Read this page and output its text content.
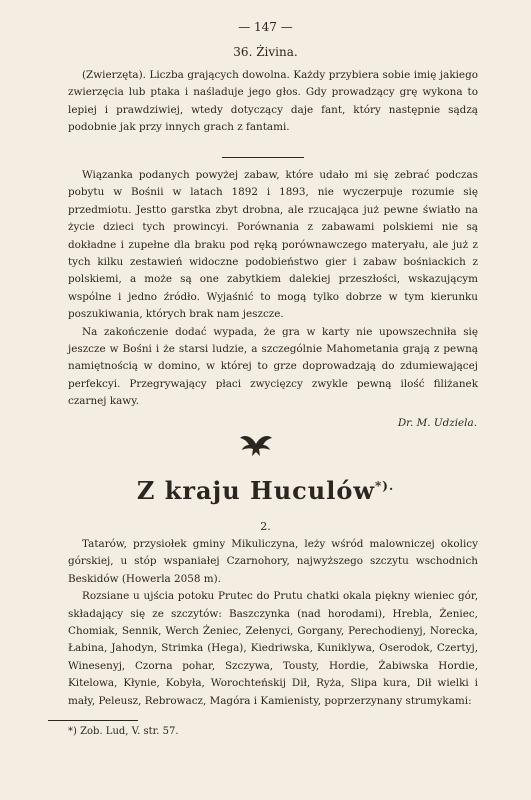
— 147 —
36. Żivina.

(Zwierzęta). Liczba grających dowolna. Każdy przybiera sobie imię jakiego zwierzęcia lub ptaka i naśladuje jego głos. Gdy prowadzący grę wykona to lepiej i prawdziwiej, wtedy dotyczący daje fant, który następnie sądzą podobnie jak przy innych grach z fantami.

Wiązanka podanych powyżej zabaw, które udało mi się zebrać podczas pobytu w Bośnii w latach 1892 i 1893, nie wyczerpuje rozumie się przedmiotu. Jestto garstka zbyt drobna, ale rzucająca już pewne światło na życie dzieci tych prowincyi. Porównania z zabawami polskiemi nie są dokładne i zupełne dla braku pod ręką porównawczego materyału, ale już z tych kilku zestawień widoczne podobieństwo gier i zabaw bośniackich z polskiemi, a może są one zabytkiem dalekiej przeszłości, wskazującym wspólne i jedno źródło. Wyjaśnić to mogą tylko dobrze w tym kierunku poszukiwania, których brak nam jeszcze.

Na zakończenie dodać wypada, że gra w karty nie upowszechniła się jeszcze w Bośni i że starsi ludzie, a szczególnie Mahometania grają z pewną namiętnością w domino, w której to grze doprowadzają do zdumiewającej perfekcyi. Przegrywający płaci zwycięzcy zwykle pewną ilość filiżanek czarnej kawy.

Dr. M. Udziela.
Z kraju Huculów*).
2.

Tatarów, przysiołek gminy Mikuliczyna, leży wśród malowniczej okolicy górskiej, u stóp wspaniałej Czarnohory, najwyższego szczytu wschodnich Beskidów (Howerla 2058 m).

Rozsiane u ujścia potoku Prutec do Prutu chatki okala piękny wieniec gór, składający się ze szczytów: Baszczynka (nad horodami), Hrebla, Żeniec, Chomiak, Sennik, Werch Żeniec, Zełenyci, Gorgany, Perechodienyj, Norecka, Łabina, Jahodyn, Strimka (Hega), Kiedriwska, Kuniklywa, Oserodok, Czertyj, Winesenyj, Czorna pohar, Szczywa, Tousty, Hordie, Żabiwska Hordie, Kitelowa, Kłynie, Kobyła, Worochteńskij Dił, Ryża, Slipa kura, Dił wielki i mały, Peleusz, Rebrowacz, Magóra i Kamienisty, poprzerzynany strumykami:

*) Zob. Lud, V. str. 57.
